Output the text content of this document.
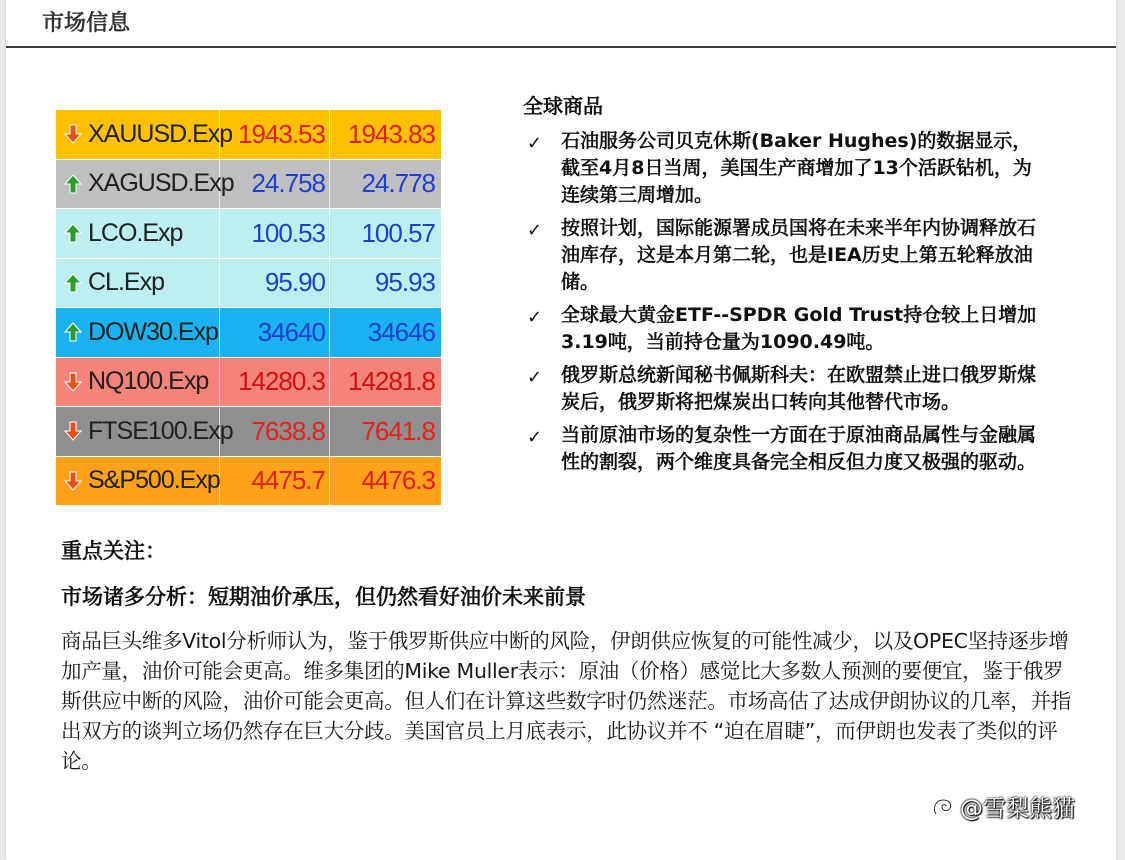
市场信息
XAUUSD.Exp 1943.53 1943.83
XAGUSD.Exp 24.758	24.778
LCO.Exp	100.53	100.57
CL.Exp	95.90	95.93
DOW30.Exp	34640	34646
NQ100.Exp	14280.3 14281.8
FTSE100.Exp 7638.8	7641.8
S&P500.Exp	4475.7	4476.3
全球商品
✓ 石油服务公司贝克休斯(Baker Hughes)的数据显示，截至4月8日当周，美国生产商增加了13个活跃钻机，为连续第三周增加。
✓ 按照计划，国际能源署成员国将在未来半年内协调释放石油库存，这是本月第二轮，也是IEA历史上第五轮释放油储。
✓ 全球最大黄金ETF--SPDR Gold Trust持仓较上日增加3.19吨，当前持仓量为1090.49吨。
✓ 俄罗斯总统新闻秘书佩斯科夫：在欧盟禁止进口俄罗斯煤炭后，俄罗斯将把煤炭出口转向其他替代市场。
✓ 当前原油市场的复杂性一方面在于原油商品属性与金融属性的割裂，两个维度具备完全相反但力度又极强的驱动。
重点关注：
市场诸多分析：短期油价承压，但仍然看好油价未来前景
商品巨头维多Vitol分析师认为，鉴于俄罗斯供应中断的风险，伊朗供应恢复的可能性减少，以及OPEC坚持逐步增加产量，油价可能会更高。维多集团的Mike Muller表示：原油（价格）感觉比大多数人预测的要便宜，鉴于俄罗斯供应中断的风险，油价可能会更高。但人们在计算这些数字时仍然迷茫。市场高估了达成伊朗协议的几率，并指出双方的谈判立场仍然存在巨大分歧。美国官员上月底表示，此协议并不 “迫在眉睫”，而伊朗也发表了类似的评论。
@雪梨熊猫
